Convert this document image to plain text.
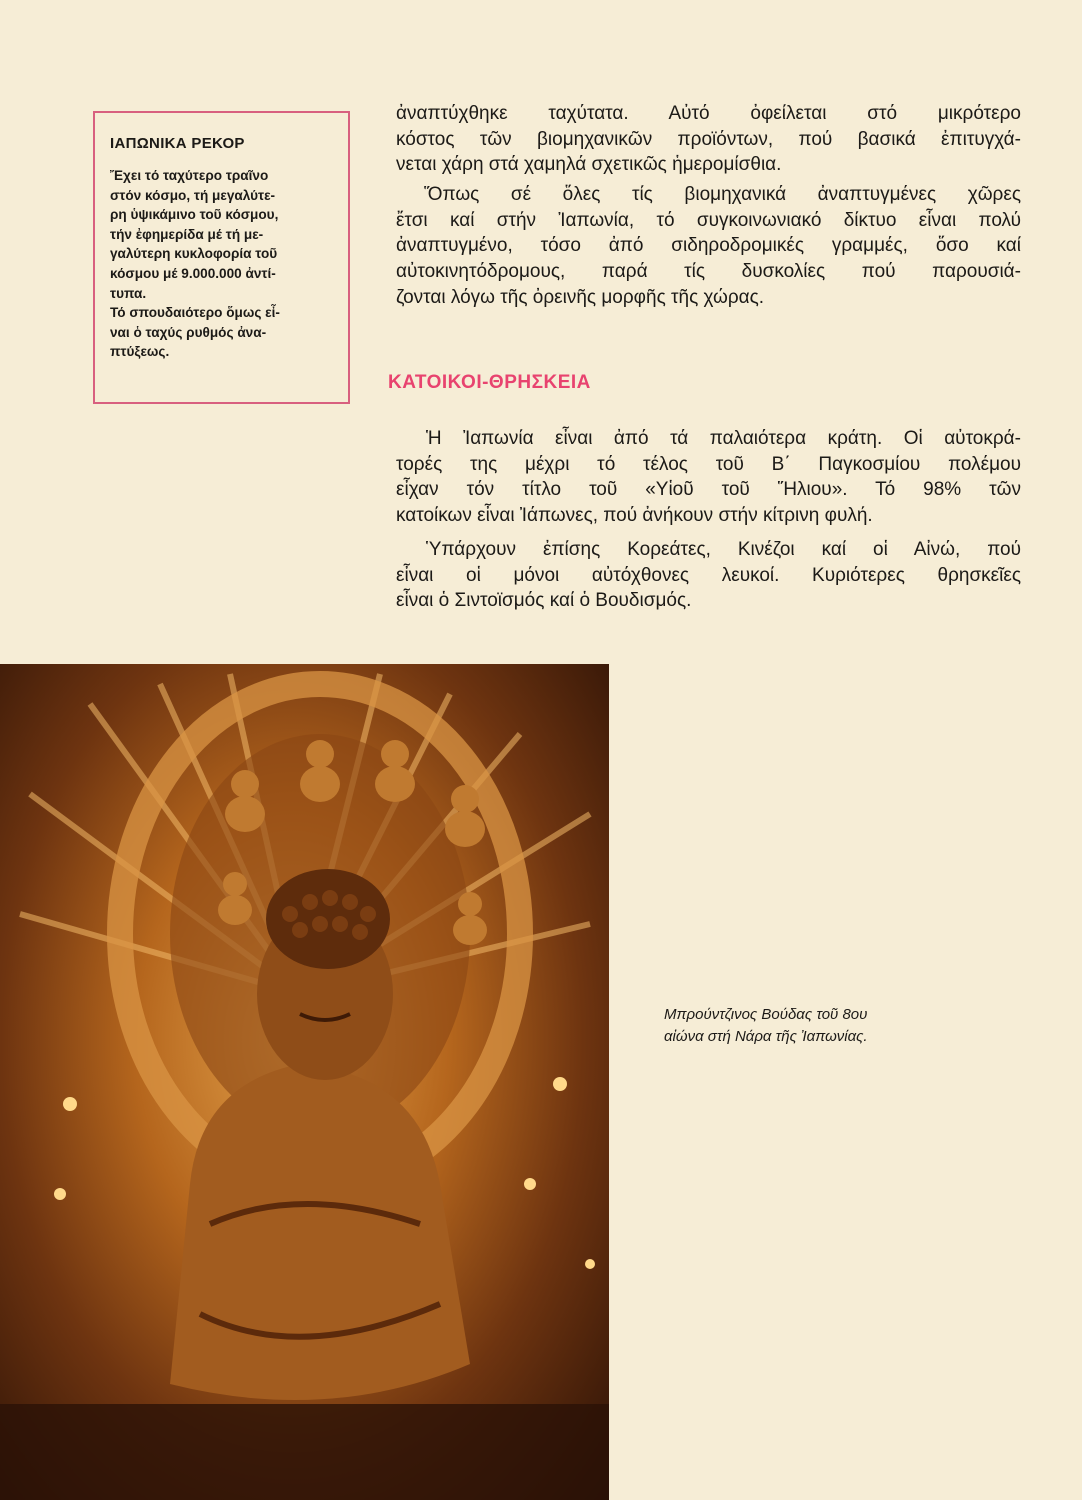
ΙΑΠΩΝΙΚΑ ΡΕΚΟΡ

Ἔχει τό ταχύτερο τραῖνο
στόν κόσμο, τή μεγαλύτε-
ρη ὑψικάμινο τοῦ κόσμου,
τήν ἐφημερίδα μέ τή με-
γαλύτερη κυκλοφορία τοῦ
κόσμου μέ 9.000.000 ἀντί-
τυπα.

Τό σπουδαιότερο ὅμως εἶ-
ναι ὁ ταχύς ρυθμός ἀνα-
πτύξεως.

ἀναπτύχθηκε ταχύτατα. Αὐτό ὀφείλεται στό μικρότερο

κόστος τῶν βιομηχανικῶν προϊόντων, πού βασικά ἐπιτυγχά-

νεται χάρη στά χαμηλά σχετικῶς ἡμερομίσθια.

Ὅπως σέ ὅλες τίς βιομηχανικά ἀναπτυγμένες χῶρες

ἔτσι καί στήν Ἰαπωνία, τό συγκοινωνιακό δίκτυο εἶναι πολύ

ἀναπτυγμένο, τόσο ἀπό σιδηροδρομικές γραμμές, ὅσο καί

αὐτοκινητόδρομους, παρά τίς δυσκολίες πού παρουσιά-

ζονται λόγω τῆς ὀρεινῆς μορφῆς τῆς χώρας.

ΚΑΤΟΙΚΟΙ-ΘΡΗΣΚΕΙΑ

Ἡ Ἰαπωνία εἶναι ἀπό τά παλαιότερα κράτη. Οἱ αὐτοκρά-

τορές της μέχρι τό τέλος τοῦ Β΄ Παγκοσμίου πολέμου

εἶχαν τόν τίτλο τοῦ «Υἱοῦ τοῦ Ἥλιου». Τό 98% τῶν

κατοίκων εἶναι Ἰάπωνες, πού ἀνήκουν στήν κίτρινη φυλή.

Ὑπάρχουν ἐπίσης Κορεάτες, Κινέζοι καί οἱ Αἰνώ, πού

εἶναι οἱ μόνοι αὐτόχθονες λευκοί. Κυριότερες θρησκεῖες

εἶναι ὁ Σιντοϊσμός καί ὁ Βουδισμός.

Μπρούντζινος Βούδας τοῦ 8ου
αἰώνα στή Νάρα τῆς Ἰαπωνίας.
